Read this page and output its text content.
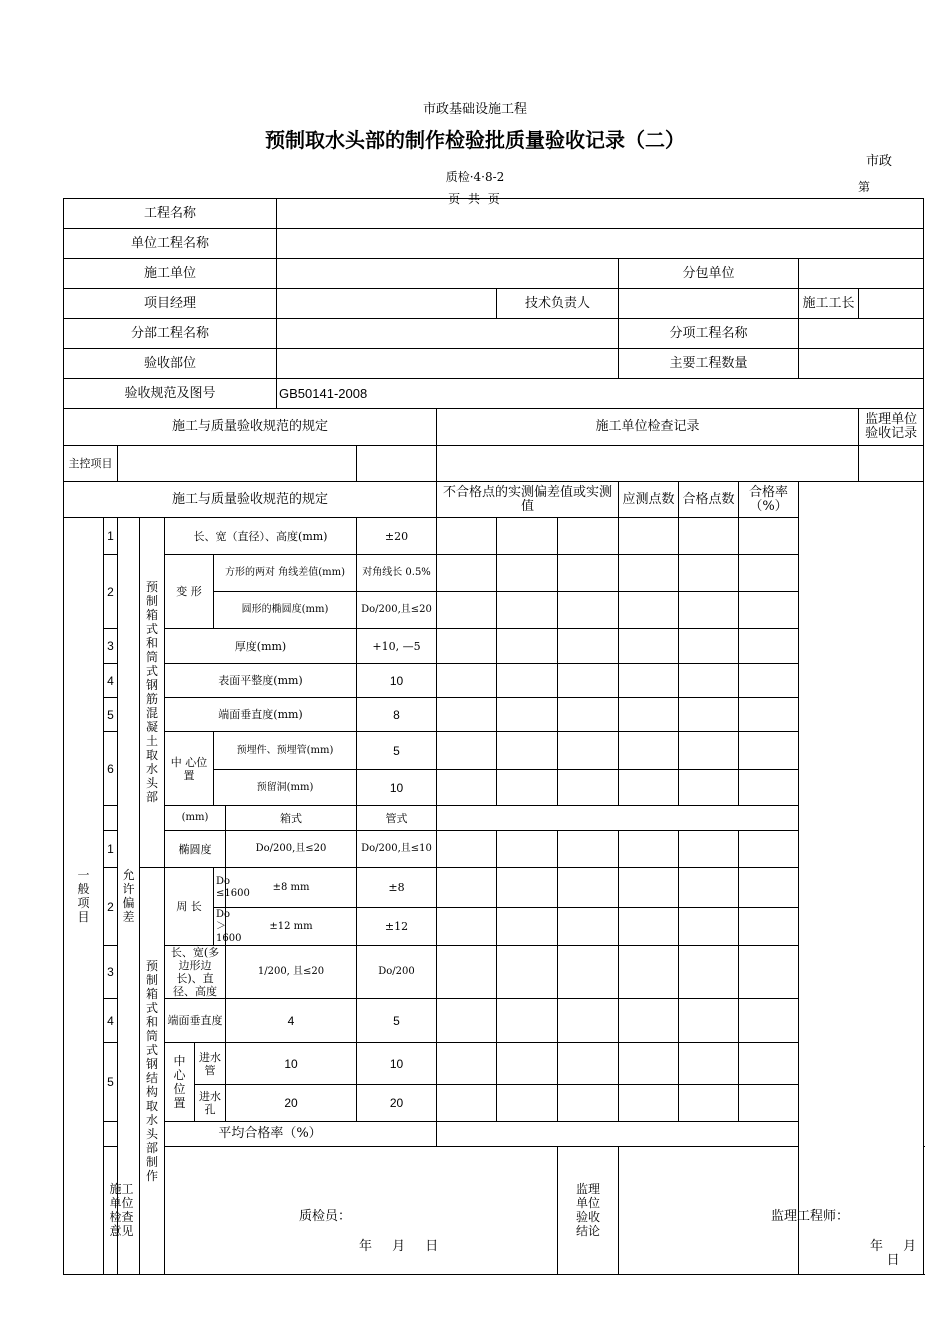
市政基础设施工程
预制取水头部的制作检验批质量验收记录（二）
质检·4·8-2
页 共 页
市政
第
工程名称																	
单位工程名称																	
施工单位													分包单位				
项目经理											技术负责人					施工工长	
分部工程名称													分项工程名称				
验收部位													主要工程数量				
验收规范及图号								GB50141-2008									
施工与质量验收规范的规定										施工单位检查记录							监理单位验收记录
主控项目																	
施工与质量验收规范的规定										不合格点的实测偏差值或实测值			应测点数	合格点数	合格率（%）		
一般项目	1	允许偏差	预制箱式和筒式钢筋混凝土取水头部	长、宽（直径）、高度(mm)					±20								
	2			变 形		方形的两对 角线差值(mm)			对角线长 0.5%								
						圆形的椭圆度(mm)			Do/200,且≤20								
	3			厚度(mm)					+10, —5								
	4			表面平整度(mm)					10								
	5			端面垂直度(mm)					8								
	6			中 心位 置		预埋件、预埋管(mm)			5								
						预留洞(mm)			10								
				(mm)			箱式		管式								
	1			椭圆度			Do/200,且≤20		Do/200,且≤10								
	2		预制箱式和筒式钢结构取水头部制作	周 长		Do ≤1600	±8 mm		±8								
						Do ＞1600	±12 mm		±12								
	3			长、宽(多边形边长)、直径、高度			1/200, 且≤20		Do/200								
	4			端面垂直度			4		5								
	5			中心位置	进水管		10		10								
					进水孔		20		20								
	平均合格率（%）																
	施工单位检查意见			质检员：
年 月 日								监理单位验收结论	监理工程师：
年 月 日				
